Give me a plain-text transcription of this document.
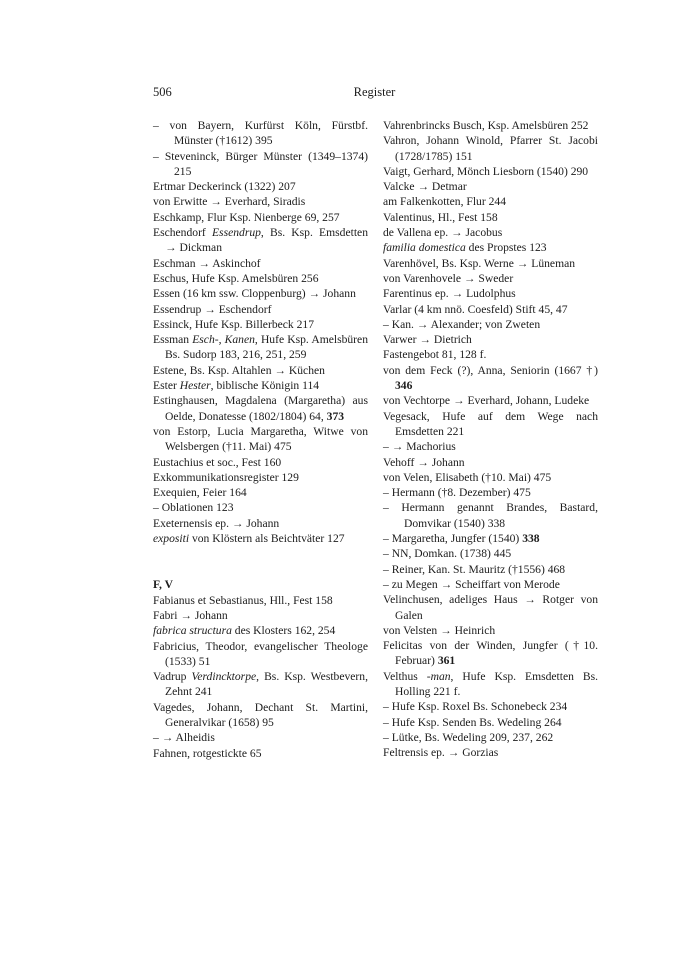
506	Register
– von Bayern, Kurfürst Köln, Fürstbf. Münster (†1612) 395
– Steveninck, Bürger Münster (1349–1374) 215
Ertmar Deckerinck (1322) 207
von Erwitte → Everhard, Siradis
Eschkamp, Flur Ksp. Nienberge 69, 257
Eschendorf Essendrup, Bs. Ksp. Emsdetten → Dickman
Eschman → Askinchof
Eschus, Hufe Ksp. Amelsbüren 256
Essen (16 km ssw. Cloppenburg) → Johann
Essendrup → Eschendorf
Essinck, Hufe Ksp. Billerbeck 217
Essman Esch-, Kanen, Hufe Ksp. Amelsbüren Bs. Sudorp 183, 216, 251, 259
Estene, Bs. Ksp. Altahlen → Küchen
Ester Hester, biblische Königin 114
Estinghausen, Magdalena (Margaretha) aus Oelde, Donatesse (1802/1804) 64, 373
von Estorp, Lucia Margaretha, Witwe von Welsbergen (†11. Mai) 475
Eustachius et soc., Fest 160
Exkommunikationsregister 129
Exequien, Feier 164
– Oblationen 123
Exeternensis ep. → Johann
expositi von Klöstern als Beichtväter 127
F, V
Fabianus et Sebastianus, Hll., Fest 158
Fabri → Johann
fabrica structura des Klosters 162, 254
Fabricius, Theodor, evangelischer Theologe (1533) 51
Vadrup Verdincktorpe, Bs. Ksp. Westbevern, Zehnt 241
Vagedes, Johann, Dechant St. Martini, Generalvikar (1658) 95
– → Alheidis
Fahnen, rotgestickte 65
Vahrenbrincks Busch, Ksp. Amelsbüren 252
Vahron, Johann Winold, Pfarrer St. Jacobi (1728/1785) 151
Vaigt, Gerhard, Mönch Liesborn (1540) 290
Valcke → Detmar
am Falkenkotten, Flur 244
Valentinus, Hl., Fest 158
de Vallena ep. → Jacobus
familia domestica des Propstes 123
Varenhövel, Bs. Ksp. Werne → Lüneman
von Varenhovele → Sweder
Farentinus ep. → Ludolphus
Varlar (4 km nnö. Coesfeld) Stift 45, 47
– Kan. → Alexander; von Zweten
Varwer → Dietrich
Fastengebot 81, 128 f.
von dem Feck (?), Anna, Seniorin (1667 †) 346
von Vechtorpe → Everhard, Johann, Ludeke
Vegesack, Hufe auf dem Wege nach Emsdetten 221
– → Machorius
Vehoff → Johann
von Velen, Elisabeth (†10. Mai) 475
– Hermann (†8. Dezember) 475
– Hermann genannt Brandes, Bastard, Domvikar (1540) 338
– Margaretha, Jungfer (1540) 338
– NN, Domkan. (1738) 445
– Reiner, Kan. St. Mauritz (†1556) 468
– zu Megen → Scheiffart von Merode
Velinchusen, adeliges Haus → Rotger von Galen
von Velsten → Heinrich
Felicitas von der Winden, Jungfer (†10. Februar) 361
Velthus -man, Hufe Ksp. Emsdetten Bs. Holling 221 f.
– Hufe Ksp. Roxel Bs. Schonebeck 234
– Hufe Ksp. Senden Bs. Wedeling 264
– Lütke, Bs. Wedeling 209, 237, 262
Feltrensis ep. → Gorzias
